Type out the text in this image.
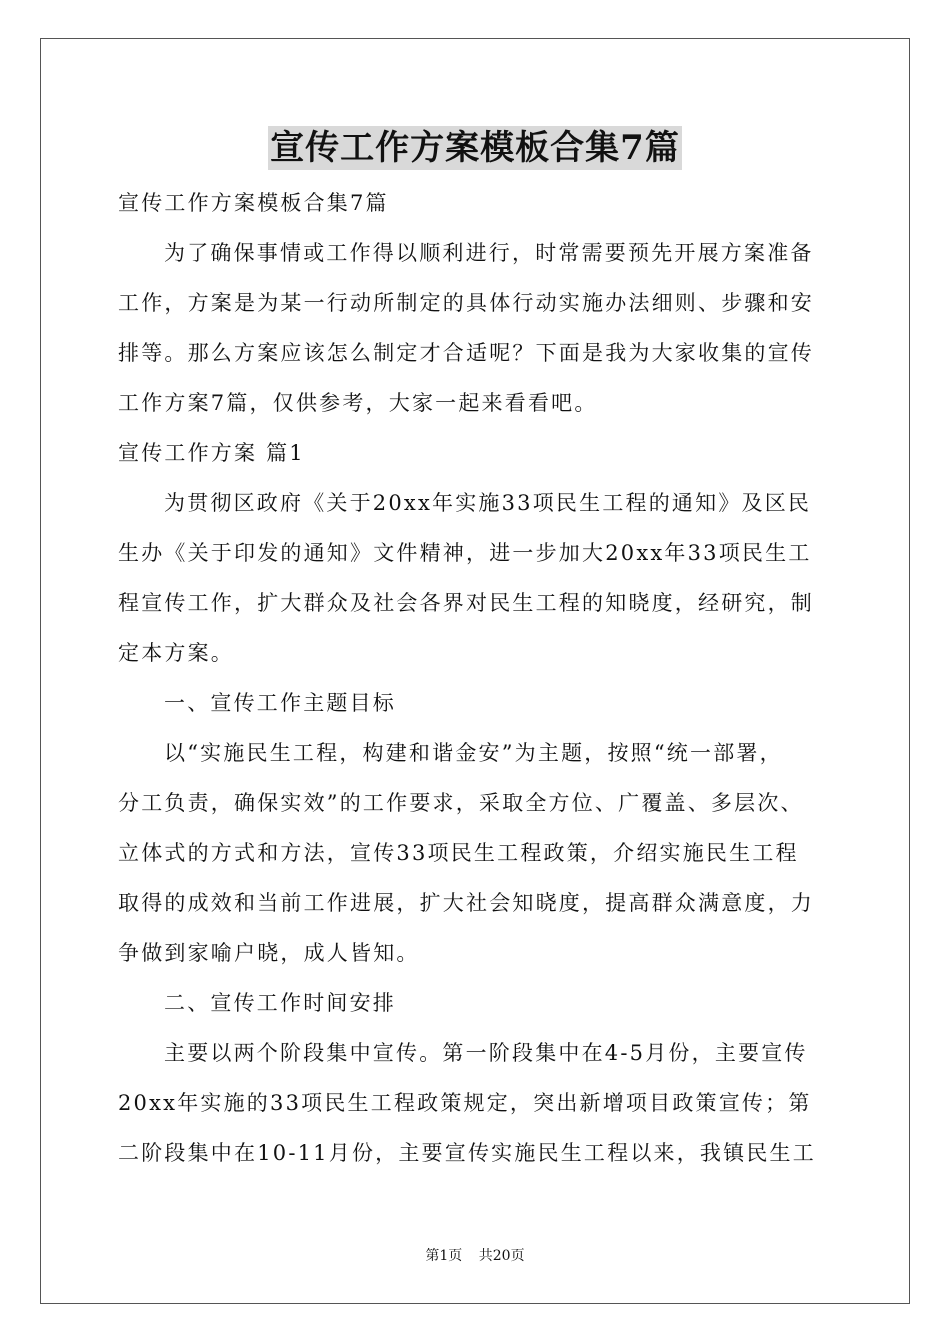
宣传工作方案模板合集7篇
宣传工作方案模板合集7篇
为了确保事情或工作得以顺利进行，时常需要预先开展方案准备
工作，方案是为某一行动所制定的具体行动实施办法细则、步骤和安
排等。那么方案应该怎么制定才合适呢？下面是我为大家收集的宣传
工作方案7篇，仅供参考，大家一起来看看吧。
宣传工作方案 篇1
为贯彻区政府《关于20xx年实施33项民生工程的通知》及区民
生办《关于印发的通知》文件精神，进一步加大20xx年33项民生工
程宣传工作，扩大群众及社会各界对民生工程的知晓度，经研究，制
定本方案。
一、宣传工作主题目标
以“实施民生工程，构建和谐金安”为主题，按照“统一部署，
分工负责，确保实效”的工作要求，采取全方位、广覆盖、多层次、
立体式的方式和方法，宣传33项民生工程政策，介绍实施民生工程
取得的成效和当前工作进展，扩大社会知晓度，提高群众满意度，力
争做到家喻户晓，成人皆知。
二、宣传工作时间安排
主要以两个阶段集中宣传。第一阶段集中在4-5月份，主要宣传
20xx年实施的33项民生工程政策规定，突出新增项目政策宣传；第
二阶段集中在10-11月份，主要宣传实施民生工程以来，我镇民生工
第1页 共20页
